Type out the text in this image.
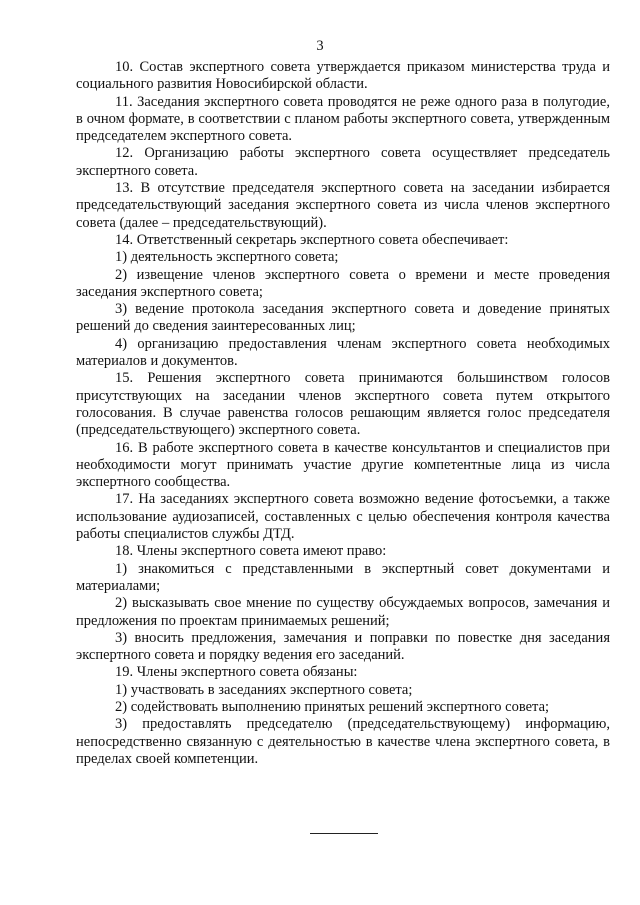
3

10. Состав экспертного совета утверждается приказом министерства труда и социального развития Новосибирской области.

11. Заседания экспертного совета проводятся не реже одного раза в полугодие, в очном формате, в соответствии с планом работы экспертного совета, утвержденным председателем экспертного совета.

12. Организацию работы экспертного совета осуществляет председатель экспертного совета.

13. В отсутствие председателя экспертного совета на заседании избирается председательствующий заседания экспертного совета из числа членов экспертного совета (далее – председательствующий).

14. Ответственный секретарь экспертного совета обеспечивает:

1) деятельность экспертного совета;

2) извещение членов экспертного совета о времени и месте проведения заседания экспертного совета;

3) ведение протокола заседания экспертного совета и доведение принятых решений до сведения заинтересованных лиц;

4) организацию предоставления членам экспертного совета необходимых материалов и документов.

15. Решения экспертного совета принимаются большинством голосов присутствующих на заседании членов экспертного совета путем открытого голосования. В случае равенства голосов решающим является голос председателя (председательствующего) экспертного совета.

16. В работе экспертного совета в качестве консультантов и специалистов при необходимости могут принимать участие другие компетентные лица из числа экспертного сообщества.

17. На заседаниях экспертного совета возможно ведение фотосъемки, а также использование аудиозаписей, составленных с целью обеспечения контроля качества работы специалистов службы ДТД.

18. Члены экспертного совета имеют право:

1) знакомиться с представленными в экспертный совет документами и материалами;

2) высказывать свое мнение по существу обсуждаемых вопросов, замечания и предложения по проектам принимаемых решений;

3) вносить предложения, замечания и поправки по повестке дня заседания экспертного совета и порядку ведения его заседаний.

19. Члены экспертного совета обязаны:

1) участвовать в заседаниях экспертного совета;

2) содействовать выполнению принятых решений экспертного совета;

3) предоставлять председателю (председательствующему) информацию, непосредственно связанную с деятельностью в качестве члена экспертного совета, в пределах своей компетенции.
